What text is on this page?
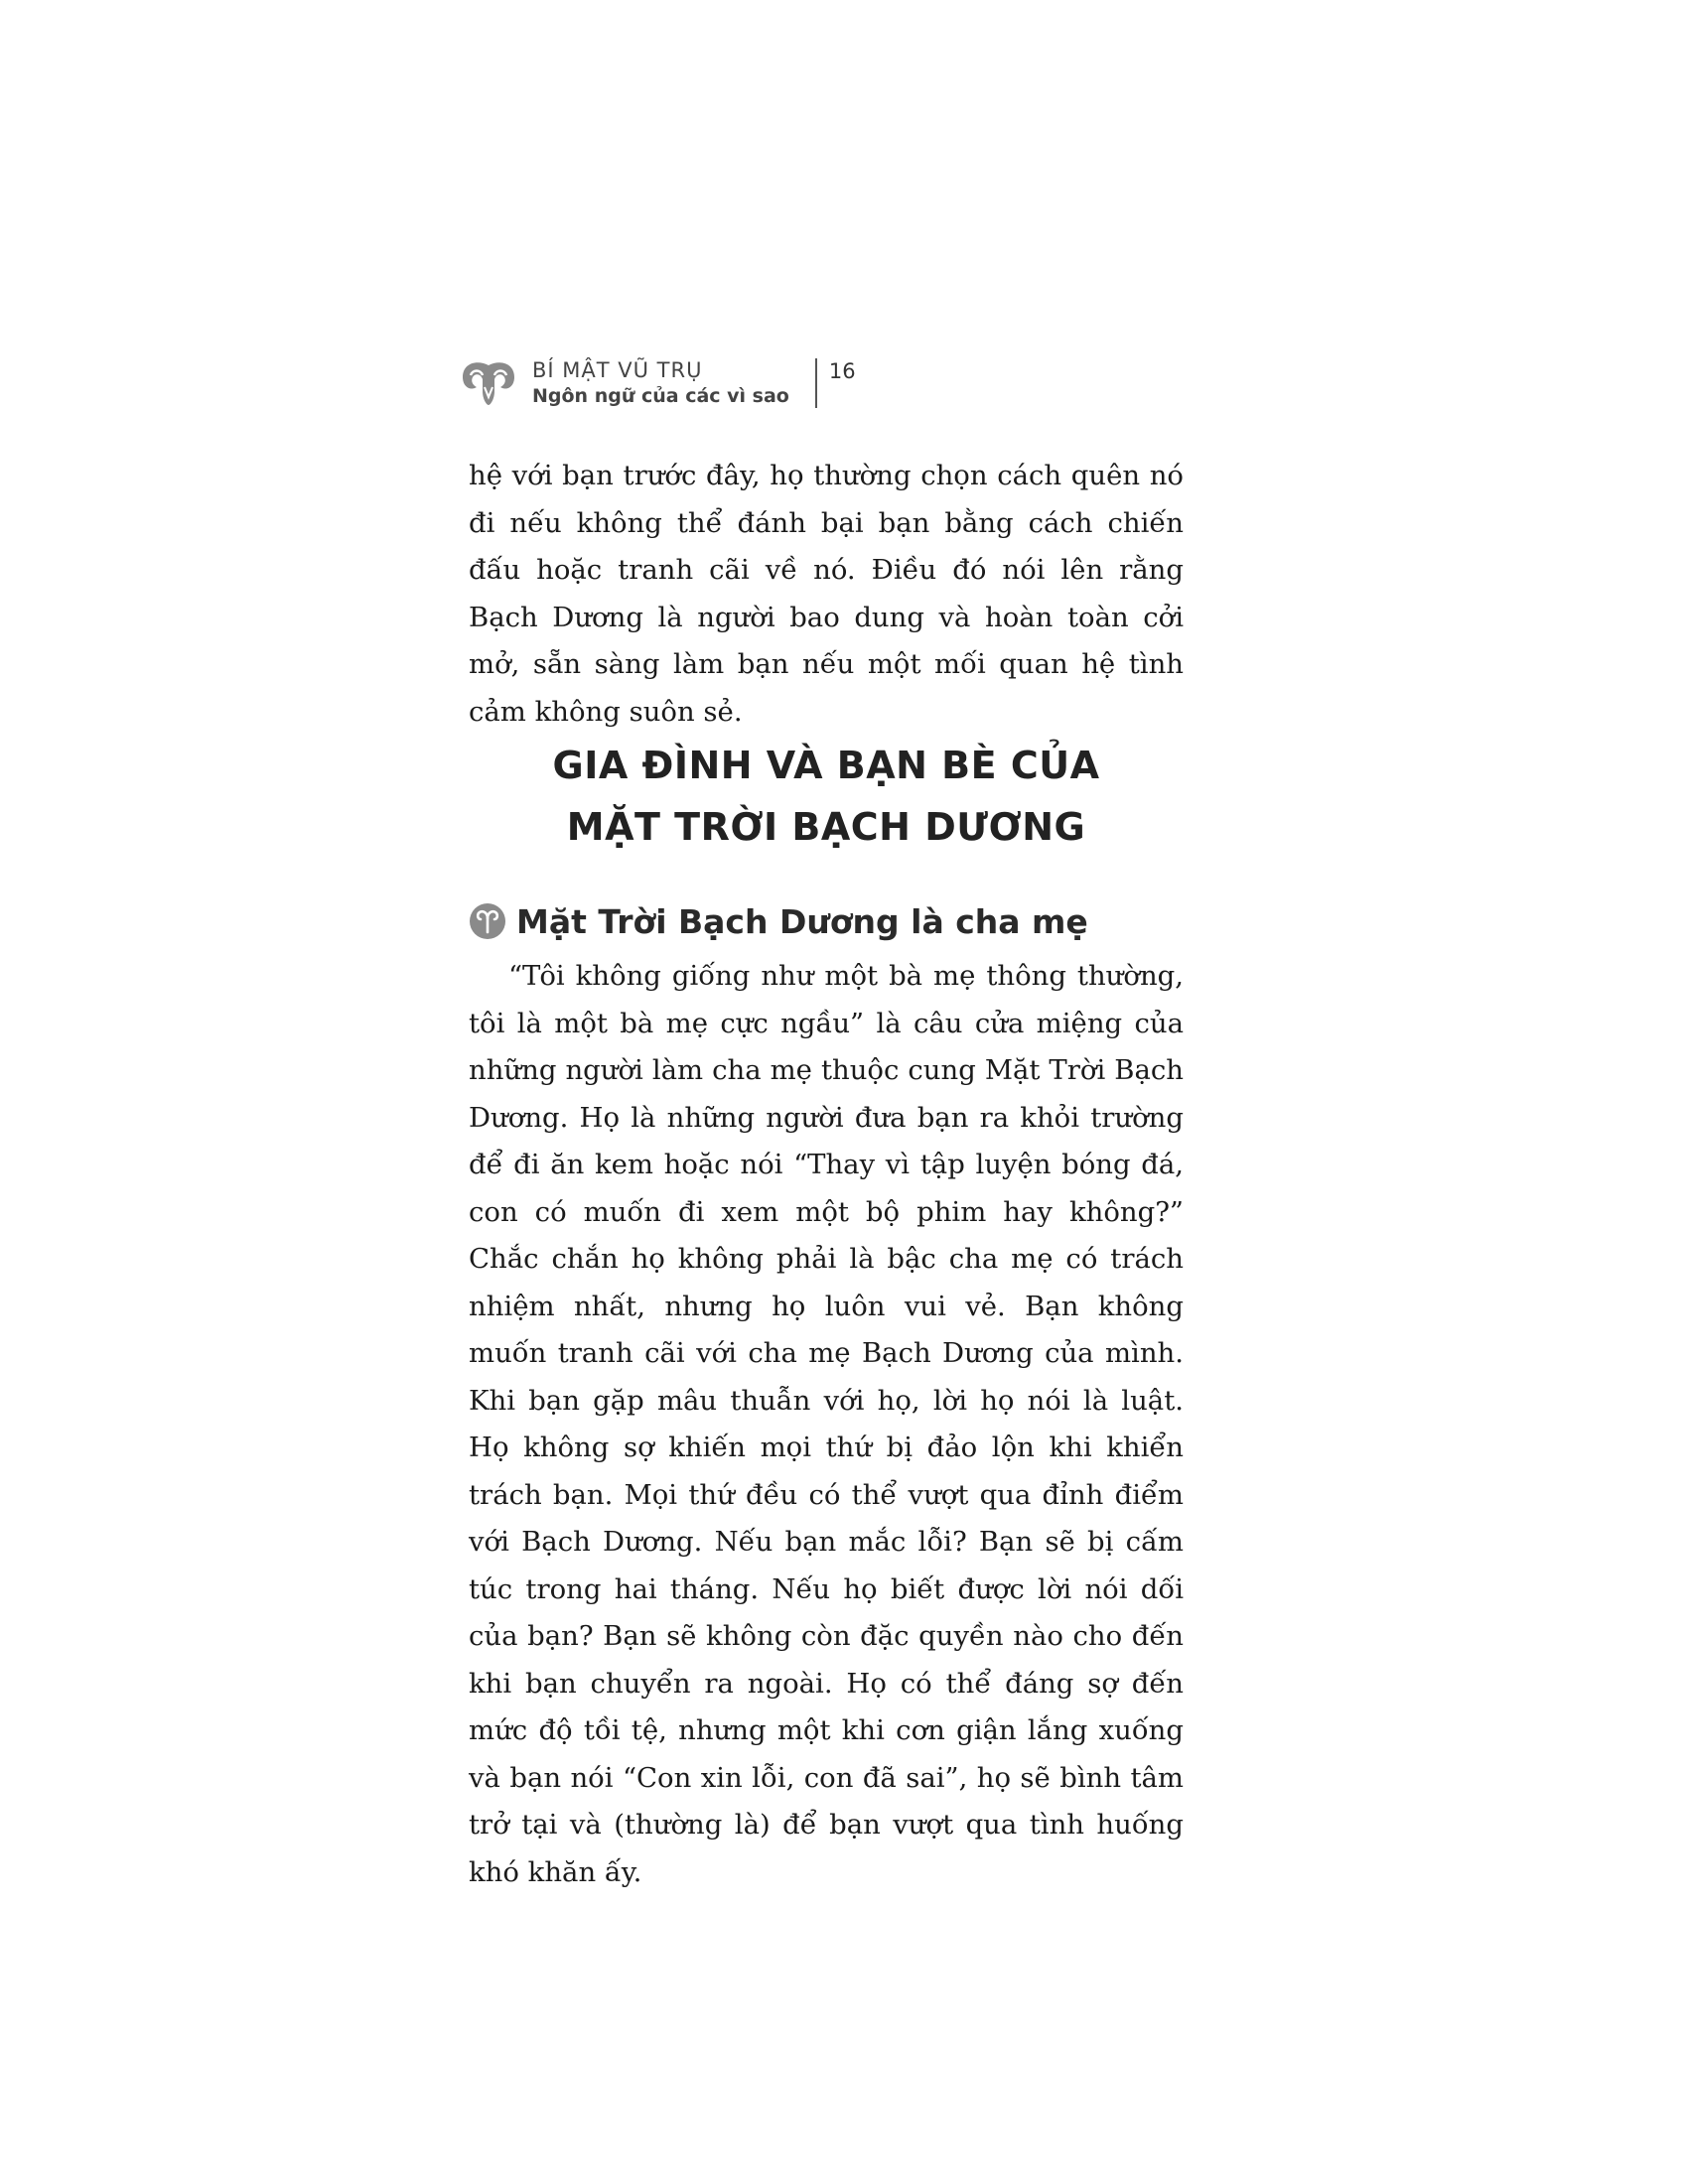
BÍ MẬT VŨ TRỤ
Ngôn ngữ của các vì sao
16

hệ với bạn trước đây, họ thường chọn cách quên nó đi nếu không thể đánh bại bạn bằng cách chiến đấu hoặc tranh cãi về nó. Điều đó nói lên rằng Bạch Dương là người bao dung và hoàn toàn cởi mở, sẵn sàng làm bạn nếu một mối quan hệ tình cảm không suôn sẻ.

GIA ĐÌNH VÀ BẠN BÈ CỦA
MẶT TRỜI BẠCH DƯƠNG
Mặt Trời Bạch Dương là cha mẹ

“Tôi không giống như một bà mẹ thông thường, tôi là một bà mẹ cực ngầu” là câu cửa miệng của những người làm cha mẹ thuộc cung Mặt Trời Bạch Dương. Họ là những người đưa bạn ra khỏi trường để đi ăn kem hoặc nói “Thay vì tập luyện bóng đá, con có muốn đi xem một bộ phim hay không?” Chắc chắn họ không phải là bậc cha mẹ có trách nhiệm nhất, nhưng họ luôn vui vẻ. Bạn không muốn tranh cãi với cha mẹ Bạch Dương của mình. Khi bạn gặp mâu thuẫn với họ, lời họ nói là luật. Họ không sợ khiến mọi thứ bị đảo lộn khi khiển trách bạn. Mọi thứ đều có thể vượt qua đỉnh điểm với Bạch Dương. Nếu bạn mắc lỗi? Bạn sẽ bị cấm túc trong hai tháng. Nếu họ biết được lời nói dối của bạn? Bạn sẽ không còn đặc quyền nào cho đến khi bạn chuyển ra ngoài. Họ có thể đáng sợ đến mức độ tồi tệ, nhưng một khi cơn giận lắng xuống và bạn nói “Con xin lỗi, con đã sai”, họ sẽ bình tâm trở tại và (thường là) để bạn vượt qua tình huống khó khăn ấy.
